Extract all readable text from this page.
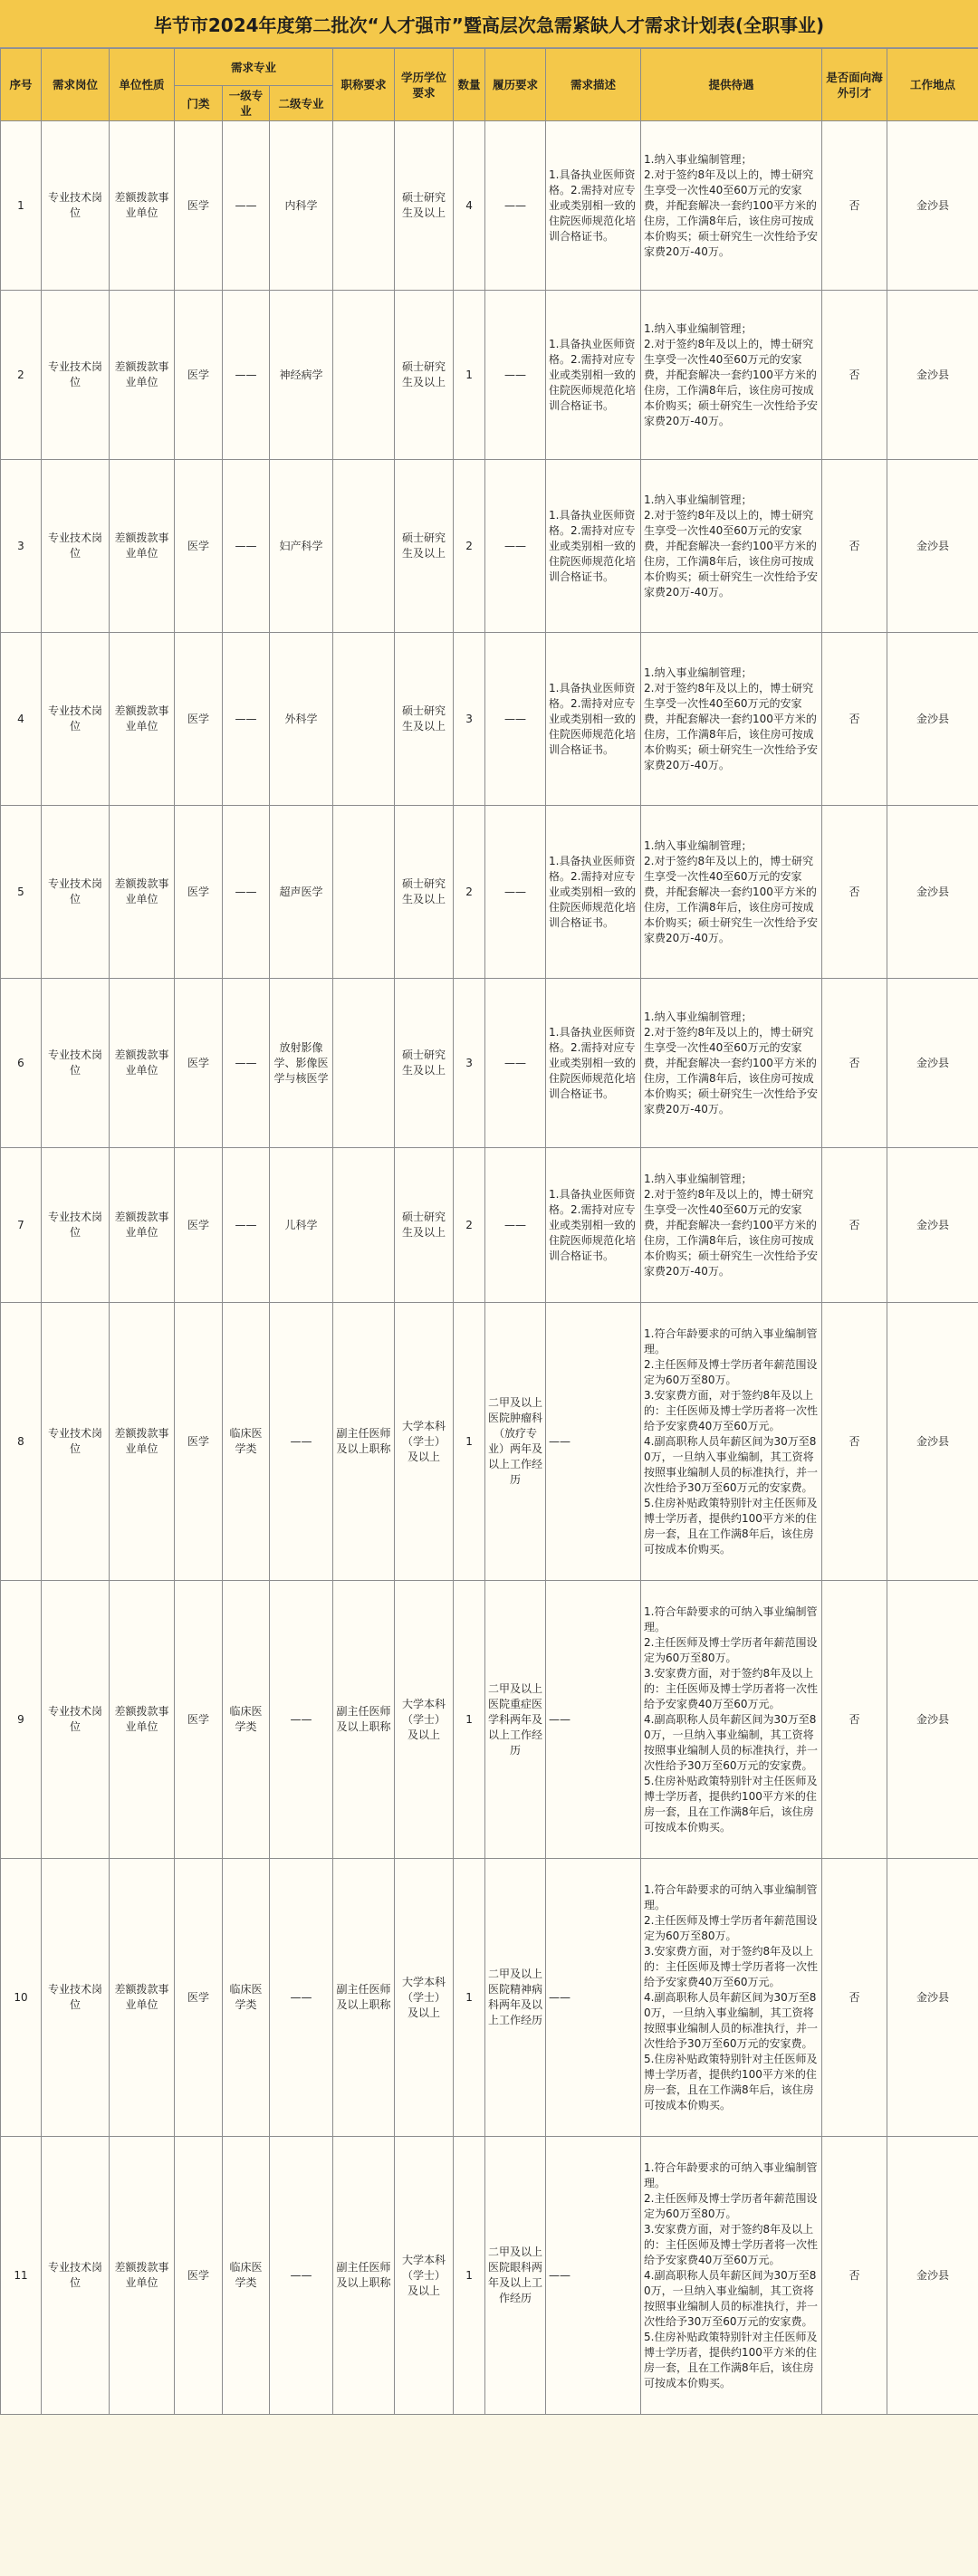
毕节市2024年度第二批次“人才强市”暨高层次急需紧缺人才需求计划表(全职事业)
序号	需求岗位	单位性质	需求专业			职称要求	学历学位要求	数量	履历要求	需求描述	提供待遇	是否面向海外引才	工作地点
			门类	一级专业	二级专业								
1	专业技术岗位	差额拨款事业单位	医学	——	内科学		硕士研究生及以上	4	——	1.具备执业医师资格。2.需持对应专业或类别相一致的住院医师规范化培训合格证书。	1.纳入事业编制管理；
2.对于签约8年及以上的，博士研究生享受一次性40至60万元的安家费，并配套解决一套约100平方米的住房，工作满8年后，该住房可按成本价购买；硕士研究生一次性给予安家费20万-40万。	否	金沙县
2	专业技术岗位	差额拨款事业单位	医学	——	神经病学		硕士研究生及以上	1	——	1.具备执业医师资格。2.需持对应专业或类别相一致的住院医师规范化培训合格证书。	1.纳入事业编制管理；
2.对于签约8年及以上的，博士研究生享受一次性40至60万元的安家费，并配套解决一套约100平方米的住房，工作满8年后，该住房可按成本价购买；硕士研究生一次性给予安家费20万-40万。	否	金沙县
3	专业技术岗位	差额拨款事业单位	医学	——	妇产科学		硕士研究生及以上	2	——	1.具备执业医师资格。2.需持对应专业或类别相一致的住院医师规范化培训合格证书。	1.纳入事业编制管理；
2.对于签约8年及以上的，博士研究生享受一次性40至60万元的安家费，并配套解决一套约100平方米的住房，工作满8年后，该住房可按成本价购买；硕士研究生一次性给予安家费20万-40万。	否	金沙县
4	专业技术岗位	差额拨款事业单位	医学	——	外科学		硕士研究生及以上	3	——	1.具备执业医师资格。2.需持对应专业或类别相一致的住院医师规范化培训合格证书。	1.纳入事业编制管理；
2.对于签约8年及以上的，博士研究生享受一次性40至60万元的安家费，并配套解决一套约100平方米的住房，工作满8年后，该住房可按成本价购买；硕士研究生一次性给予安家费20万-40万。	否	金沙县
5	专业技术岗位	差额拨款事业单位	医学	——	超声医学		硕士研究生及以上	2	——	1.具备执业医师资格。2.需持对应专业或类别相一致的住院医师规范化培训合格证书。	1.纳入事业编制管理；
2.对于签约8年及以上的，博士研究生享受一次性40至60万元的安家费，并配套解决一套约100平方米的住房，工作满8年后，该住房可按成本价购买；硕士研究生一次性给予安家费20万-40万。	否	金沙县
6	专业技术岗位	差额拨款事业单位	医学	——	放射影像学、影像医学与核医学		硕士研究生及以上	3	——	1.具备执业医师资格。2.需持对应专业或类别相一致的住院医师规范化培训合格证书。	1.纳入事业编制管理；
2.对于签约8年及以上的，博士研究生享受一次性40至60万元的安家费，并配套解决一套约100平方米的住房，工作满8年后，该住房可按成本价购买；硕士研究生一次性给予安家费20万-40万。	否	金沙县
7	专业技术岗位	差额拨款事业单位	医学	——	儿科学		硕士研究生及以上	2	——	1.具备执业医师资格。2.需持对应专业或类别相一致的住院医师规范化培训合格证书。	1.纳入事业编制管理；
2.对于签约8年及以上的，博士研究生享受一次性40至60万元的安家费，并配套解决一套约100平方米的住房，工作满8年后，该住房可按成本价购买；硕士研究生一次性给予安家费20万-40万。	否	金沙县
8	专业技术岗位	差额拨款事业单位	医学	临床医学类	——	副主任医师及以上职称	大学本科（学士）及以上	1	二甲及以上医院肿瘤科（放疗专业）两年及以上工作经历	——	1.符合年龄要求的可纳入事业编制管理。
2.主任医师及博士学历者年薪范围设定为60万至80万。
3.安家费方面，对于签约8年及以上的：主任医师及博士学历者将一次性给予安家费40万至60万元。
4.副高职称人员年薪区间为30万至80万，一旦纳入事业编制，其工资将按照事业编制人员的标准执行，并一次性给予30万至60万元的安家费。
5.住房补贴政策特别针对主任医师及博士学历者，提供约100平方米的住房一套，且在工作满8年后，该住房可按成本价购买。	否	金沙县
9	专业技术岗位	差额拨款事业单位	医学	临床医学类	——	副主任医师及以上职称	大学本科（学士）及以上	1	二甲及以上医院重症医学科两年及以上工作经历	——	1.符合年龄要求的可纳入事业编制管理。
2.主任医师及博士学历者年薪范围设定为60万至80万。
3.安家费方面，对于签约8年及以上的：主任医师及博士学历者将一次性给予安家费40万至60万元。
4.副高职称人员年薪区间为30万至80万，一旦纳入事业编制，其工资将按照事业编制人员的标准执行，并一次性给予30万至60万元的安家费。
5.住房补贴政策特别针对主任医师及博士学历者，提供约100平方米的住房一套，且在工作满8年后，该住房可按成本价购买。	否	金沙县
10	专业技术岗位	差额拨款事业单位	医学	临床医学类	——	副主任医师及以上职称	大学本科（学士）及以上	1	二甲及以上医院精神病科两年及以上工作经历	——	1.符合年龄要求的可纳入事业编制管理。
2.主任医师及博士学历者年薪范围设定为60万至80万。
3.安家费方面，对于签约8年及以上的：主任医师及博士学历者将一次性给予安家费40万至60万元。
4.副高职称人员年薪区间为30万至80万，一旦纳入事业编制，其工资将按照事业编制人员的标准执行，并一次性给予30万至60万元的安家费。
5.住房补贴政策特别针对主任医师及博士学历者，提供约100平方米的住房一套，且在工作满8年后，该住房可按成本价购买。	否	金沙县
11	专业技术岗位	差额拨款事业单位	医学	临床医学类	——	副主任医师及以上职称	大学本科（学士）及以上	1	二甲及以上医院眼科两年及以上工作经历	——	1.符合年龄要求的可纳入事业编制管理。
2.主任医师及博士学历者年薪范围设定为60万至80万。
3.安家费方面，对于签约8年及以上的：主任医师及博士学历者将一次性给予安家费40万至60万元。
4.副高职称人员年薪区间为30万至80万，一旦纳入事业编制，其工资将按照事业编制人员的标准执行，并一次性给予30万至60万元的安家费。
5.住房补贴政策特别针对主任医师及博士学历者，提供约100平方米的住房一套，且在工作满8年后，该住房可按成本价购买。	否	金沙县
